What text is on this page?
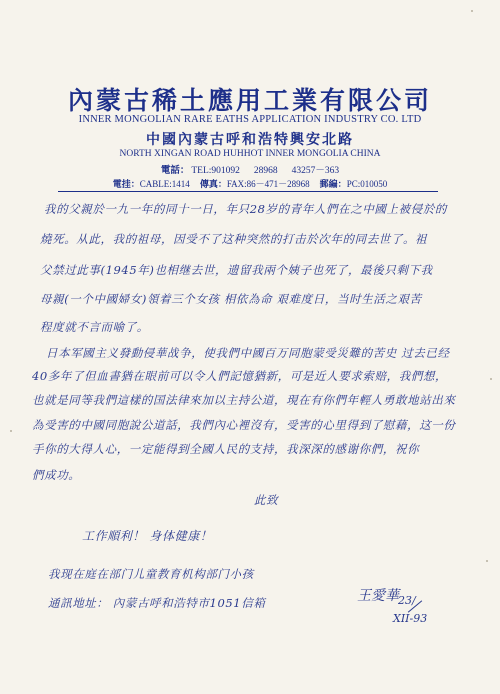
內蒙古稀土應用工業有限公司
INNER MONGOLIAN RARE EATHS APPLICATION INDUSTRY CO. LTD
中國內蒙古呼和浩特興安北路
NORTH XINGAN ROAD HUHHOT INNER MONGOLIA CHINA
電話： TEL:901092 28968 43257－363
電挂：CABLE:1414 傳真：FAX:86－471－28968 郵編：PC:010050
我的父親於一九一年的同十一日，年只28岁的青年人們在之中國上被侵於的
燒死。从此，我的祖母，因受不了这种突然的打击於次年的同去世了。祖
父禁过此事(1945年)也相继去世，遗留我兩个姨子也死了，最後只剩下我
母親(一个中國婦女)領着三个女孩 相依為命 艰难度日，当时生活之艰苦
程度就不言而喻了。
日本军國主义發動侵華战争，使我們中國百万同胞蒙受災難的苦史 过去已经
40多年了但血書猶在眼前可以令人們記憶猶新，可是近人要求索赔，我們想，
也就是同等我們這樣的国法律來加以主持公道，現在有你們年輕人勇敢地站出來
為受害的中國同胞說公道話，我們內心裡沒有，受害的心里得到了慰藉，这一份
手你的大得人心，一定能得到全國人民的支持，我深深的感谢你們，祝你
們成功。
此致
工作順利！ 身体健康！
我现在庭在部门儿童教育机构部门小孩
通訊地址： 內蒙古呼和浩特市1051信箱	王愛華 23/
XII-93
